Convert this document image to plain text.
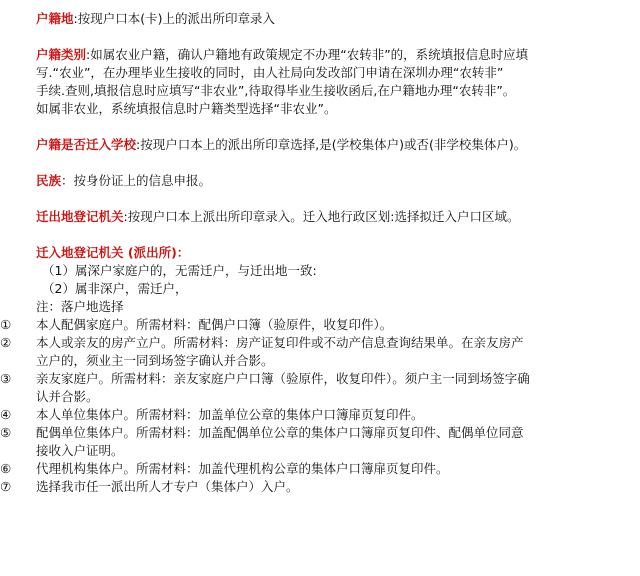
户籍地:按现户口本(卡)上的派出所印章录入

户籍类别:如属农业户籍，确认户籍地有政策规定不办理“农转非”的，系统填报信息时应填

写.“农业”，在办理毕业生接收的同时，由人社局向发改部门申请在深圳办理“农转非”

手续.查则,填报信息时应填写“非农业”,待取得毕业生接收函后,在户籍地办理“农转非”。

如属非农业，系统填报信息时户籍类型选择“非农业”。

户籍是否迁入学校:按现户口本上的派出所印章选择,是(学校集体户)或否(非学校集体户)。

民族：按身份证上的信息申报。

迁出地登记机关:按现户口本上派出所印章录入。迁入地行政区划:选择拟迁入户口区域。

迁入地登记机关 (派出所)：

（1）属深户家庭户的，无需迁户，与迁出地一致:

（2）属非深户，需迁户，

注：落户地选择

① 本人配偶家庭户。所需材料：配偶户口簿（验原件，收复印件）。

② 本人或亲友的房产立户。所需材料：房产证复印件或不动产信息查询结果单。在亲友房产
立户的，须业主一同到场签字确认并合影。

③ 亲友家庭户。所需材料：亲友家庭户户口簿（验原件，收复印件）。须户主一同到场签字确
认并合影。

④ 本人单位集体户。所需材料：加盖单位公章的集体户口簿扉页复印件。

⑤ 配偶单位集体户。所需材料：加盖配偶单位公章的集体户口簿扉页复印件、配偶单位同意
接收入户证明。

⑥ 代理机构集体户。所需材料：加盖代理机构公章的集体户口簿扉页复印件。

⑦ 选择我市任一派出所人才专户（集体户）入户。
